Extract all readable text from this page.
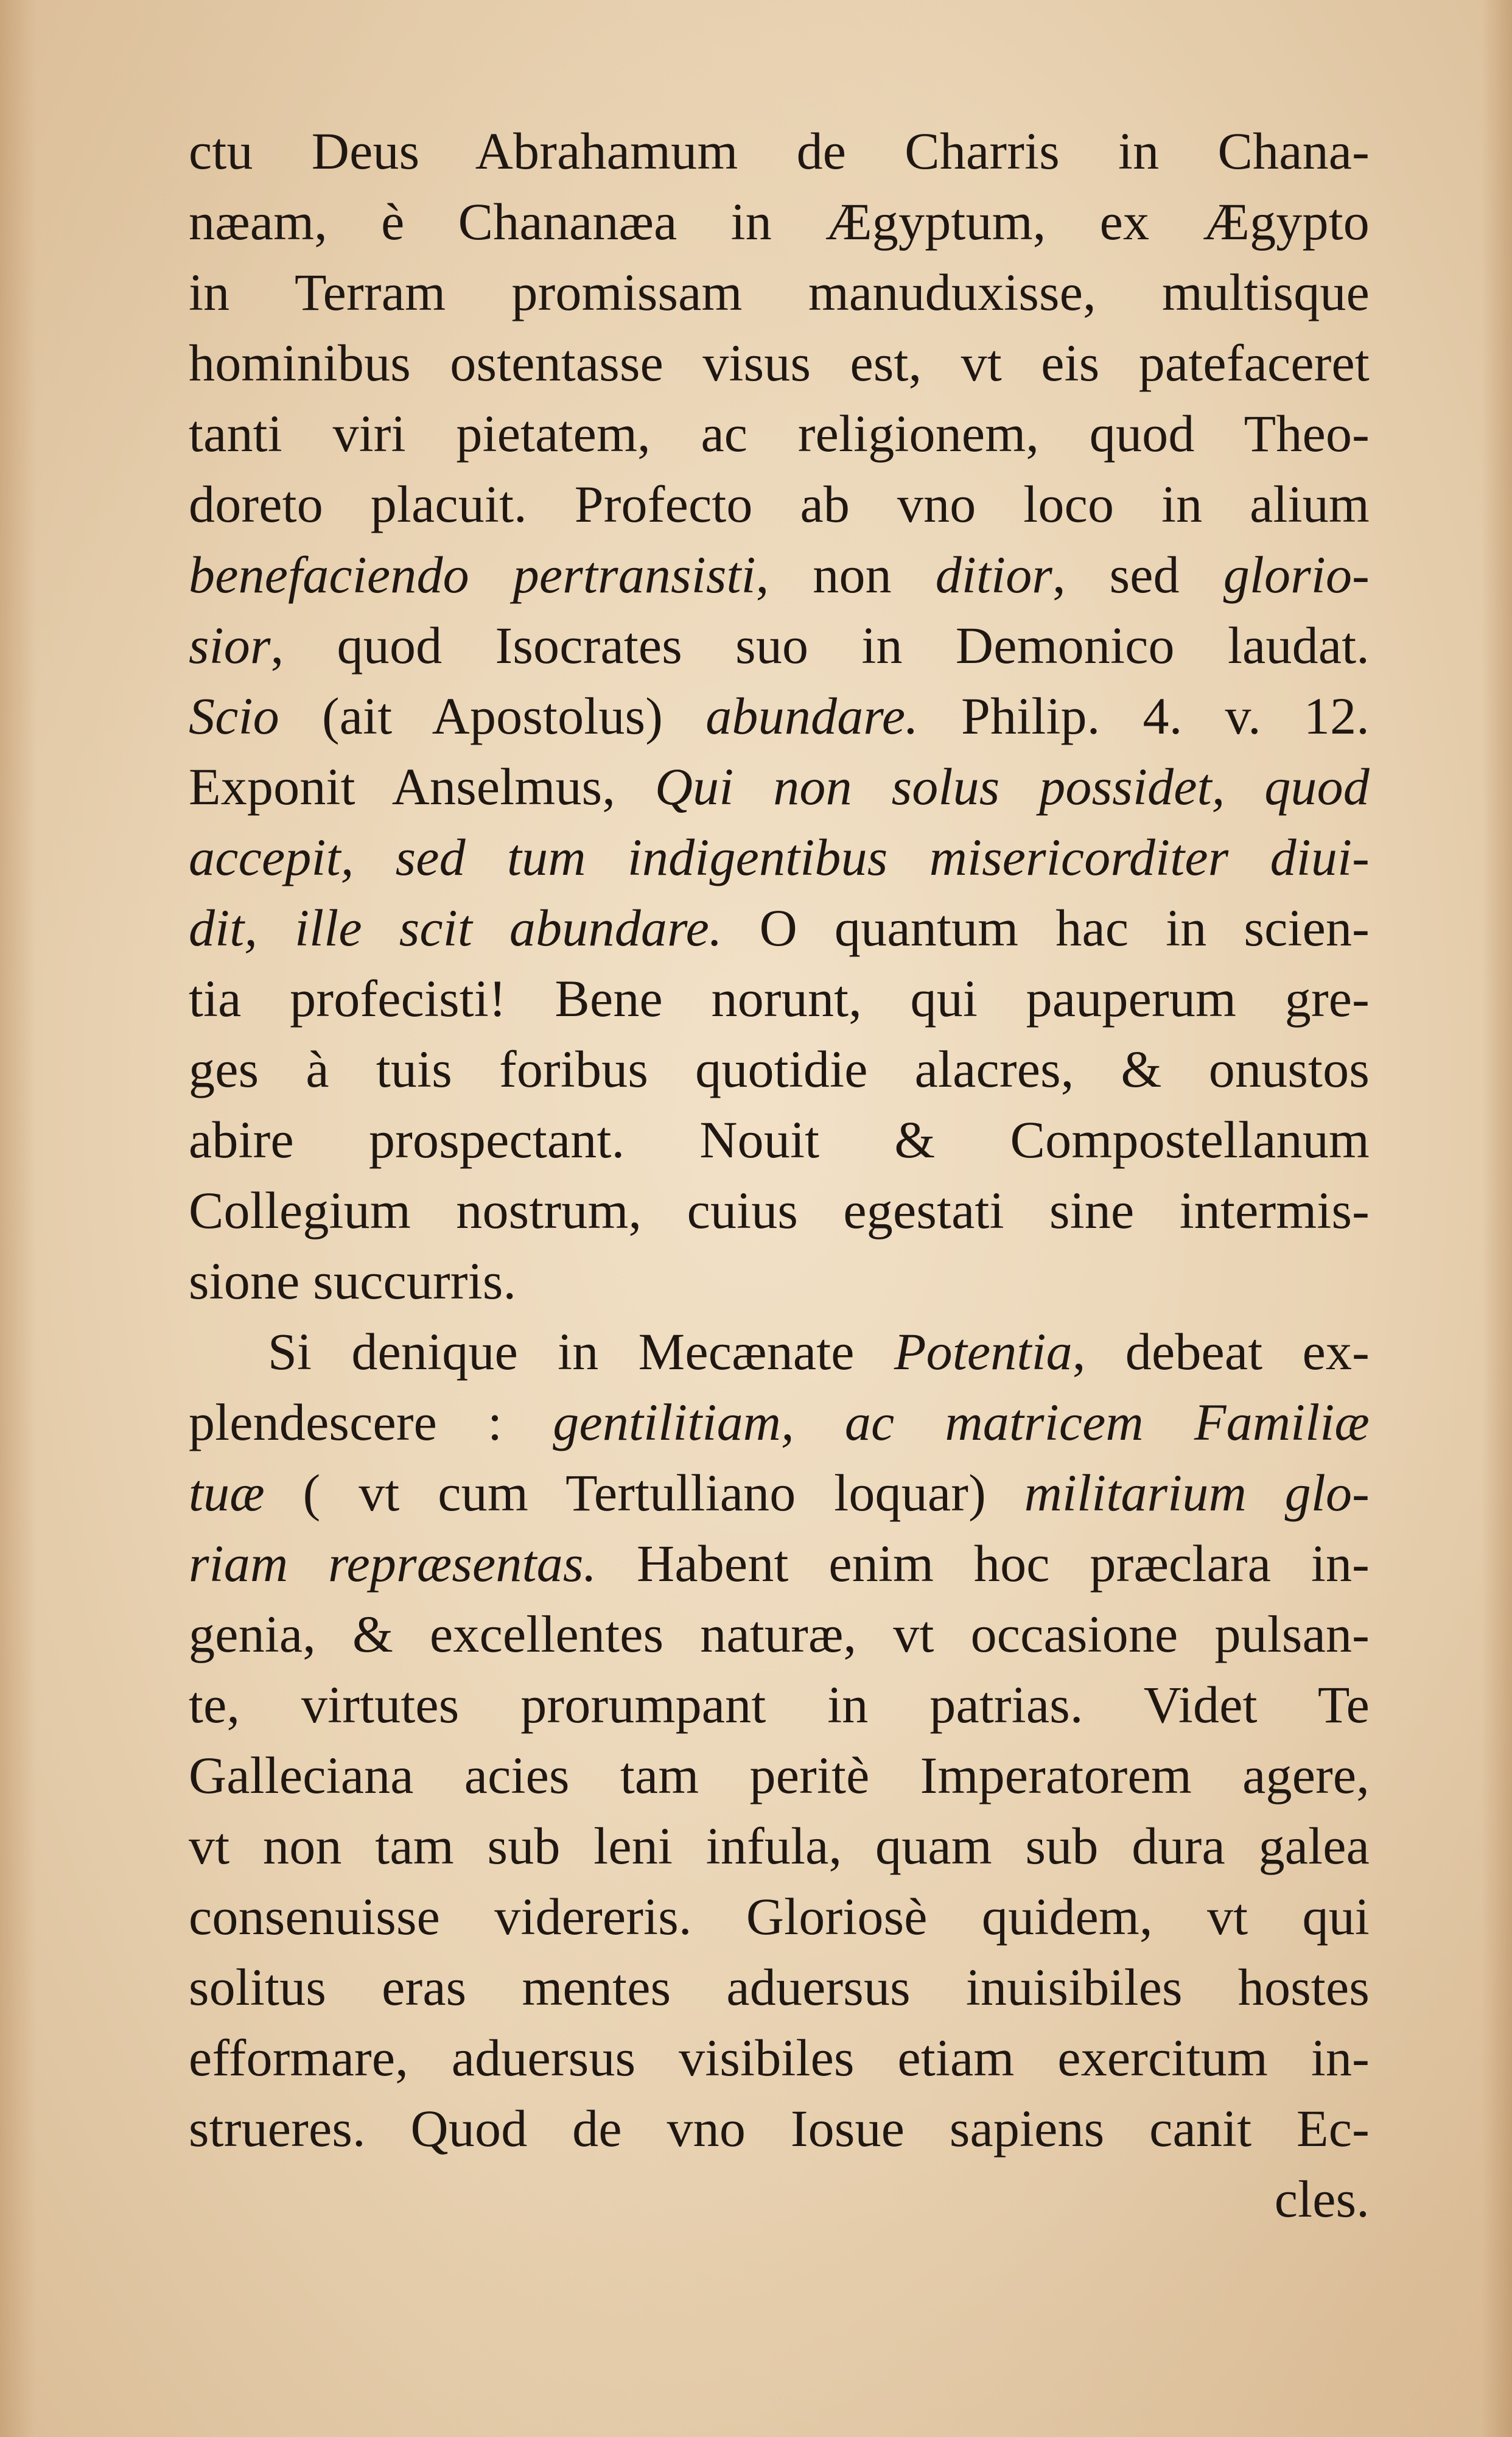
ctu Deus Abrahamum de Charris in Chana-
næam, è Chananæa in Ægyptum, ex Ægypto
in Terram promissam manuduxisse, multisque
hominibus ostentasse visus est, vt eis patefaceret
tanti viri pietatem, ac religionem, quod Theo-
doreto placuit. Profecto ab vno loco in alium
benefaciendo pertransisti, non ditior, sed glorio-
sior, quod Isocrates suo in Demonico laudat.
Scio (ait Apostolus) abundare. Philip. 4. v. 12.
Exponit Anselmus, Qui non solus possidet, quod
accepit, sed tum indigentibus misericorditer diui-
dit, ille scit abundare. O quantum hac in scien-
tia profecisti! Bene norunt, qui pauperum gre-
ges à tuis foribus quotidie alacres, & onustos
abire prospectant. Nouit & Compostellanum
Collegium nostrum, cuius egestati sine intermis-
sione succurris.
Si denique in Mecænate Potentia, debeat ex-
plendescere : gentilitiam, ac matricem Familiæ
tuæ ( vt cum Tertulliano loquar) militarium glo-
riam repræsentas. Habent enim hoc præclara in-
genia, & excellentes naturæ, vt occasione pulsan-
te, virtutes prorumpant in patrias. Videt Te
Galleciana acies tam peritè Imperatorem agere,
vt non tam sub leni infula, quam sub dura galea
consenuisse videreris. Gloriosè quidem, vt qui
solitus eras mentes aduersus inuisibiles hostes
efformare, aduersus visibiles etiam exercitum in-
strueres. Quod de vno Iosue sapiens canit Ec-
cles.
